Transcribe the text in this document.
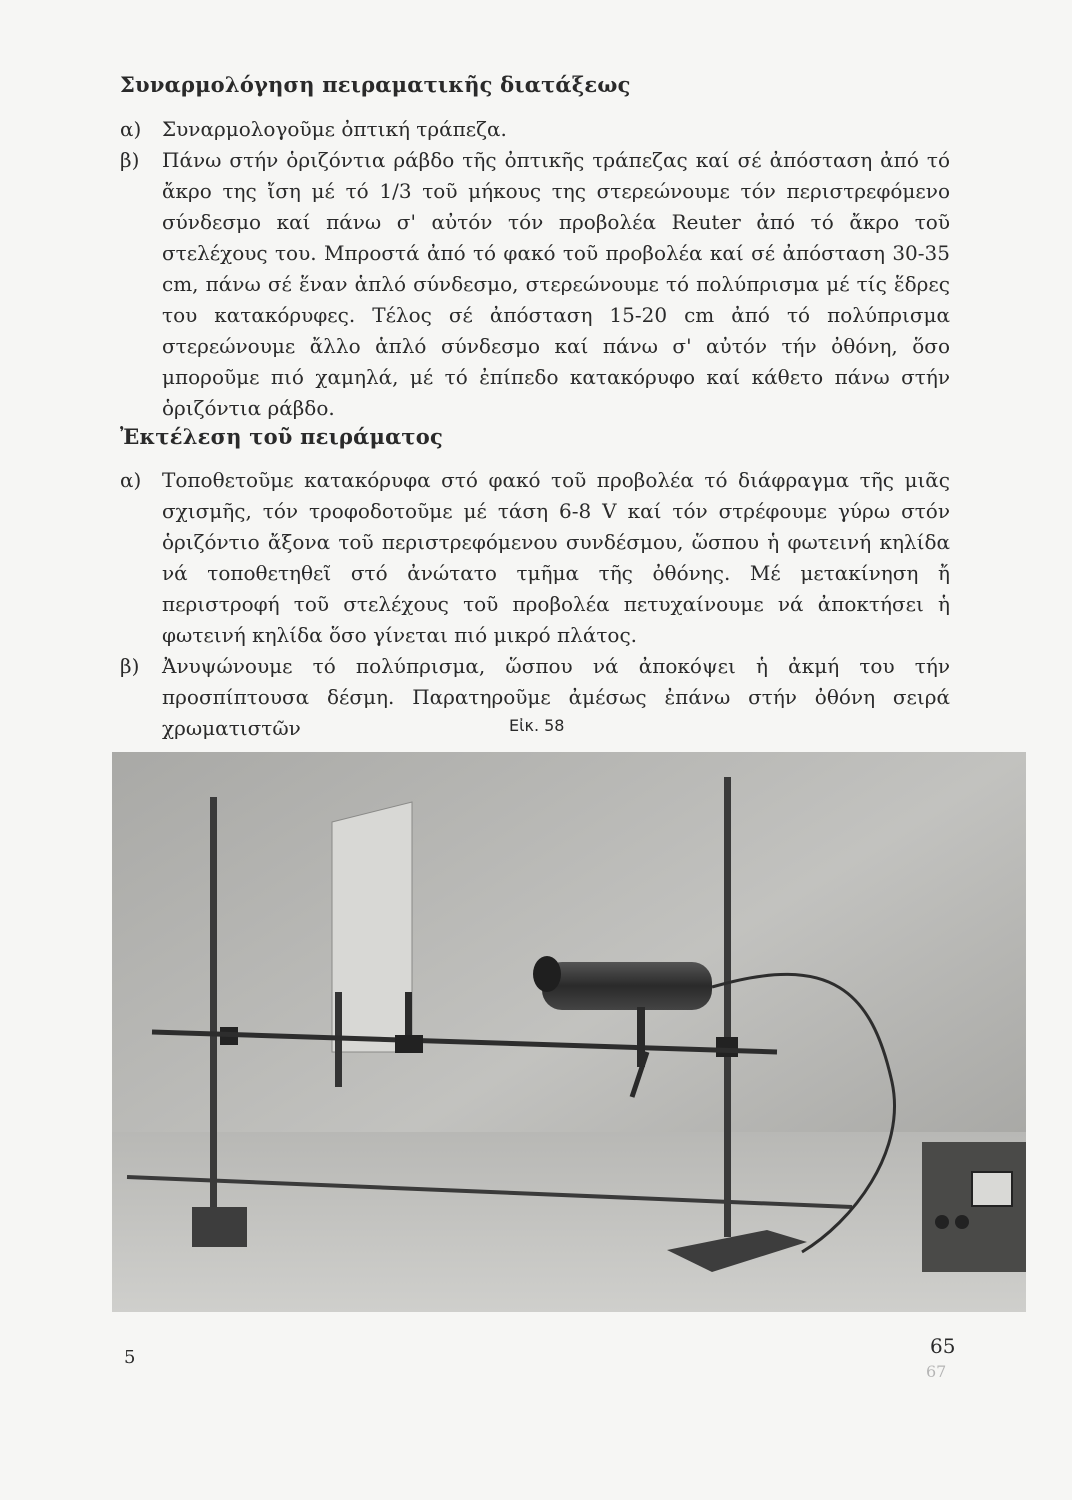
Συναρμολόγηση πειραματικῆς διατάξεως
α) Συναρμολογοῦμε ὀπτική τράπεζα.
β) Πάνω στήν ὁριζόντια ράβδο τῆς ὀπτικῆς τράπεζας καί σέ ἀπόσταση ἀπό τό ἄκρο της ἴση μέ τό 1/3 τοῦ μήκους της στερεώνουμε τόν περιστρεφόμενο σύνδεσμο καί πάνω σ' αὐτόν τόν προβολέα Reuter ἀπό τό ἄκρο τοῦ στελέχους του. Μπροστά ἀπό τό φακό τοῦ προβολέα καί σέ ἀπόσταση 30-35 cm, πάνω σέ ἕναν ἁπλό σύνδεσμο, στερεώνουμε τό πολύπρισμα μέ τίς ἕδρες του κατακόρυφες. Τέλος σέ ἀπόσταση 15-20 cm ἀπό τό πολύπρισμα στερεώνουμε ἄλλο ἁπλό σύνδεσμο καί πάνω σ' αὐτόν τήν ὀθόνη, ὅσο μποροῦμε πιό χαμηλά, μέ τό ἐπίπεδο κατακόρυφο καί κάθετο πάνω στήν ὁριζόντια ράβδο.
Ἐκτέλεση τοῦ πειράματος
α) Τοποθετοῦμε κατακόρυφα στό φακό τοῦ προβολέα τό διάφραγμα τῆς μιᾶς σχισμῆς, τόν τροφοδοτοῦμε μέ τάση 6-8 V καί τόν στρέφουμε γύρω στόν ὁριζόντιο ἄξονα τοῦ περιστρεφόμενου συνδέσμου, ὥσπου ἡ φωτεινή κηλίδα νά τοποθετηθεῖ στό ἀνώτατο τμῆμα τῆς ὀθόνης. Μέ μετακίνηση ἤ περιστροφή τοῦ στελέχους τοῦ προβολέα πετυχαίνουμε νά ἀποκτήσει ἡ φωτεινή κηλίδα ὅσο γίνεται πιό μικρό πλάτος.
β) Ἀνυψώνουμε τό πολύπρισμα, ὥσπου νά ἀποκόψει ἡ ἀκμή του τήν προσπίπτουσα δέσμη. Παρατηροῦμε ἀμέσως ἐπάνω στήν ὀθόνη σειρά χρωματιστῶν	Εἰκ. 58
5	65
67
